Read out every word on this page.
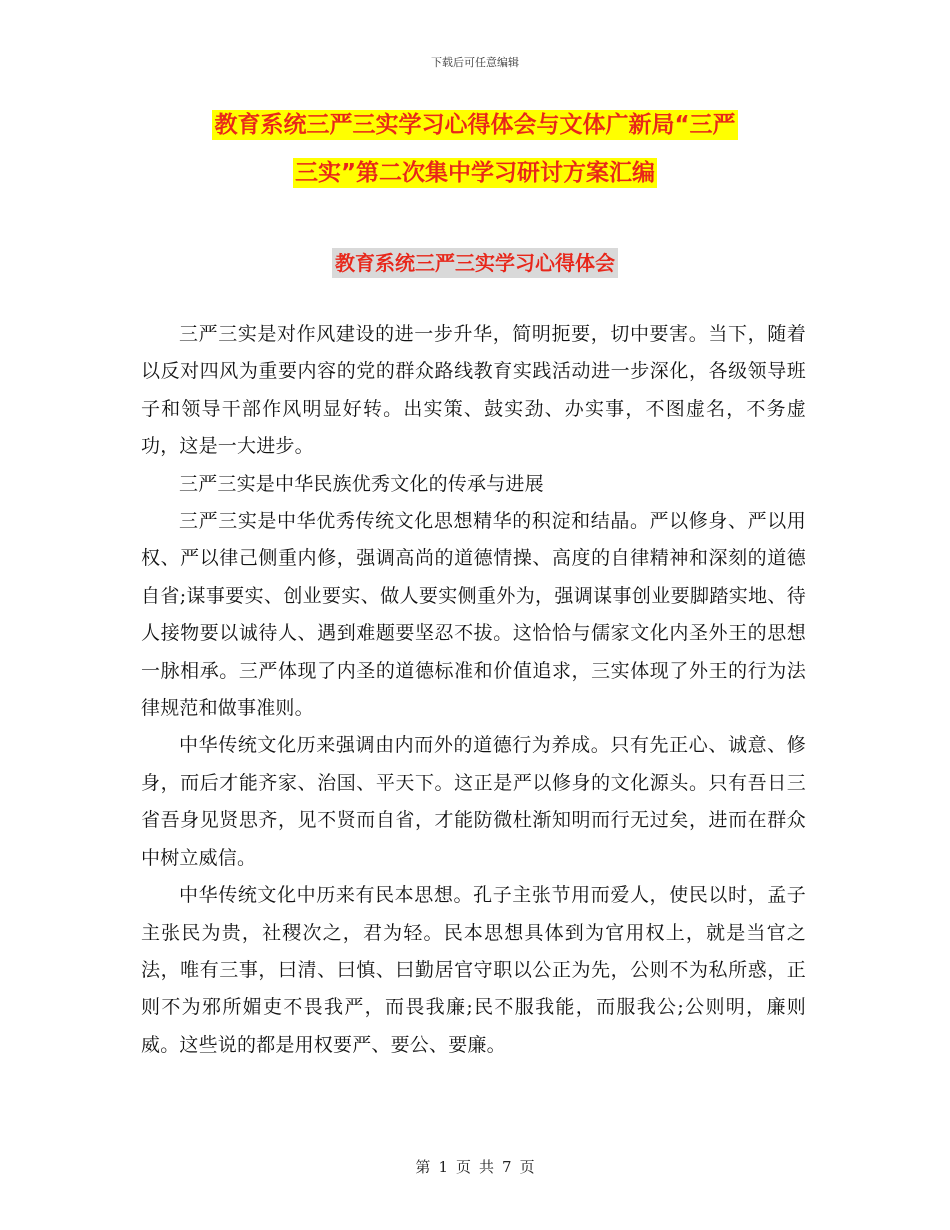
下载后可任意编辑
教育系统三严三实学习心得体会与文体广新局“三严
三实”第二次集中学习研讨方案汇编
教育系统三严三实学习心得体会

三严三实是对作风建设的进一步升华，简明扼要，切中要害。当下，随着以反对四风为重要内容的党的群众路线教育实践活动进一步深化，各级领导班子和领导干部作风明显好转。出实策、鼓实劲、办实事，不图虚名，不务虚功，这是一大进步。

三严三实是中华民族优秀文化的传承与进展

三严三实是中华优秀传统文化思想精华的积淀和结晶。严以修身、严以用权、严以律己侧重内修，强调高尚的道德情操、高度的自律精神和深刻的道德自省;谋事要实、创业要实、做人要实侧重外为，强调谋事创业要脚踏实地、待人接物要以诚待人、遇到难题要坚忍不拔。这恰恰与儒家文化内圣外王的思想一脉相承。三严体现了内圣的道德标准和价值追求，三实体现了外王的行为法律规范和做事准则。

中华传统文化历来强调由内而外的道德行为养成。只有先正心、诚意、修身，而后才能齐家、治国、平天下。这正是严以修身的文化源头。只有吾日三省吾身见贤思齐，见不贤而自省，才能防微杜渐知明而行无过矣，进而在群众中树立威信。

中华传统文化中历来有民本思想。孔子主张节用而爱人，使民以时，孟子主张民为贵，社稷次之，君为轻。民本思想具体到为官用权上，就是当官之法，唯有三事，曰清、曰慎、曰勤居官守职以公正为先，公则不为私所惑，正则不为邪所媚吏不畏我严，而畏我廉;民不服我能，而服我公;公则明，廉则威。这些说的都是用权要严、要公、要廉。

第 1 页 共 7 页
